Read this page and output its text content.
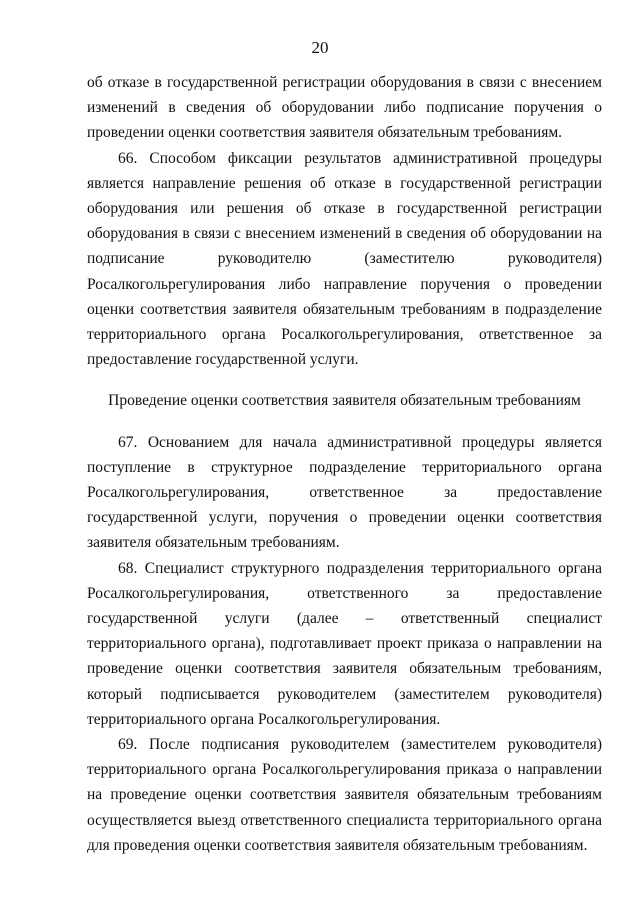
20

об отказе в государственной регистрации оборудования в связи с внесением изменений в сведения об оборудовании либо подписание поручения о проведении оценки соответствия заявителя обязательным требованиям.

66. Способом фиксации результатов административной процедуры является направление решения об отказе в государственной регистрации оборудования или решения об отказе в государственной регистрации оборудования в связи с внесением изменений в сведения об оборудовании на подписание руководителю (заместителю руководителя) Росалкогольрегулирования либо направление поручения о проведении оценки соответствия заявителя обязательным требованиям в подразделение территориального органа Росалкогольрегулирования, ответственное за предоставление государственной услуги.

Проведение оценки соответствия заявителя обязательным требованиям

67. Основанием для начала административной процедуры является поступление в структурное подразделение территориального органа Росалкогольрегулирования, ответственное за предоставление государственной услуги, поручения о проведении оценки соответствия заявителя обязательным требованиям.

68. Специалист структурного подразделения территориального органа Росалкогольрегулирования, ответственного за предоставление государственной услуги (далее – ответственный специалист территориального органа), подготавливает проект приказа о направлении на проведение оценки соответствия заявителя обязательным требованиям, который подписывается руководителем (заместителем руководителя) территориального органа Росалкогольрегулирования.

69. После подписания руководителем (заместителем руководителя) территориального органа Росалкогольрегулирования приказа о направлении на проведение оценки соответствия заявителя обязательным требованиям осуществляется выезд ответственного специалиста территориального органа для проведения оценки соответствия заявителя обязательным требованиям.
